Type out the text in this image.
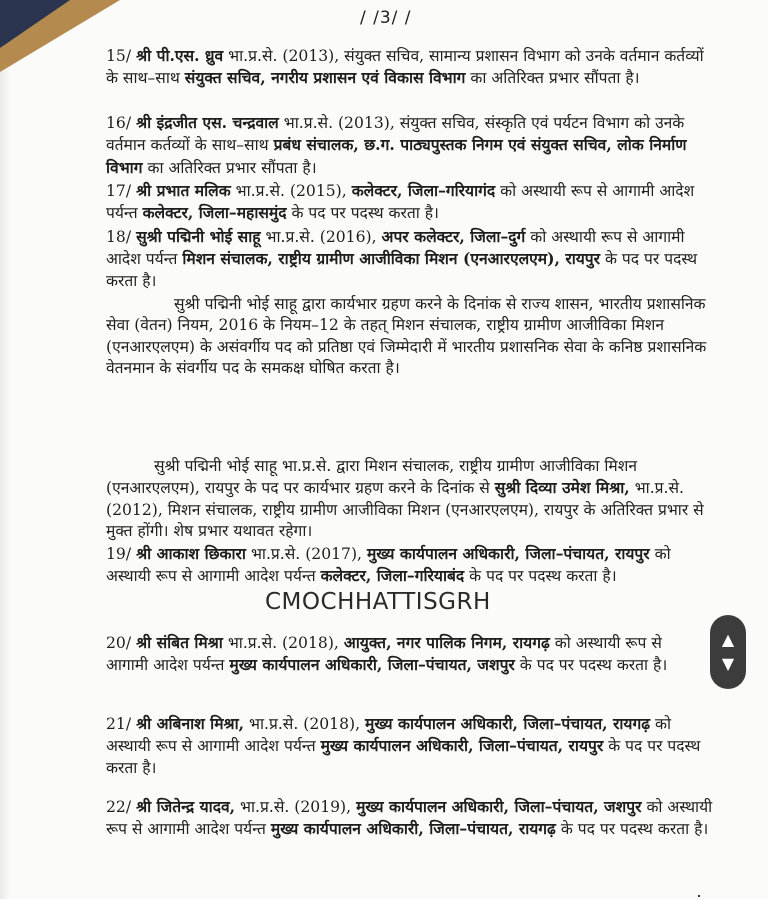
/ /3/ /

15/ श्री पी.एस. ध्रुव भा.प्र.से. (2013), संयुक्त सचिव, सामान्य प्रशासन विभाग को उनके वर्तमान कर्तव्यों के साथ–साथ संयुक्त सचिव, नगरीय प्रशासन एवं विकास विभाग का अतिरिक्त प्रभार सौंपता है।

16/ श्री इंद्रजीत एस. चन्द्रवाल भा.प्र.से. (2013), संयुक्त सचिव, संस्कृति एवं पर्यटन विभाग को उनके वर्तमान कर्तव्यों के साथ–साथ प्रबंध संचालक, छ.ग. पाठ्यपुस्तक निगम एवं संयुक्त सचिव, लोक निर्माण विभाग का अतिरिक्त प्रभार सौंपता है।

17/ श्री प्रभात मलिक भा.प्र.से. (2015), कलेक्टर, जिला–गरियागंद को अस्थायी रूप से आगामी आदेश पर्यन्त कलेक्टर, जिला–महासमुंद के पद पर पदस्थ करता है।

18/ सुश्री पद्मिनी भोई साहू भा.प्र.से. (2016), अपर कलेक्टर, जिला–दुर्ग को अस्थायी रूप से आगामी आदेश पर्यन्त मिशन संचालक, राष्ट्रीय ग्रामीण आजीविका मिशन (एनआरएलएम), रायपुर के पद पर पदस्थ करता है।

सुश्री पद्मिनी भोई साहू द्वारा कार्यभार ग्रहण करने के दिनांक से राज्य शासन, भारतीय प्रशासनिक सेवा (वेतन) नियम, 2016 के नियम–12 के तहत् मिशन संचालक, राष्ट्रीय ग्रामीण आजीविका मिशन (एनआरएलएम) के असंवर्गीय पद को प्रतिष्ठा एवं जिम्मेदारी में भारतीय प्रशासनिक सेवा के कनिष्ठ प्रशासनिक वेतनमान के संवर्गीय पद के समकक्ष घोषित करता है।

सुश्री पद्मिनी भोई साहू भा.प्र.से. द्वारा मिशन संचालक, राष्ट्रीय ग्रामीण आजीविका मिशन (एनआरएलएम), रायपुर के पद पर कार्यभार ग्रहण करने के दिनांक से सुश्री दिव्या उमेश मिश्रा, भा.प्र.से. (2012), मिशन संचालक, राष्ट्रीय ग्रामीण आजीविका मिशन (एनआरएलएम), रायपुर के अतिरिक्त प्रभार से मुक्त होंगी। शेष प्रभार यथावत रहेगा।

19/ श्री आकाश छिकारा भा.प्र.से. (2017), मुख्य कार्यपालन अधिकारी, जिला–पंचायत, रायपुर को अस्थायी रूप से आगामी आदेश पर्यन्त कलेक्टर, जिला–गरियाबंद के पद पर पदस्थ करता है।

CMOCHHATTISGRH

20/ श्री संबित मिश्रा भा.प्र.से. (2018), आयुक्त, नगर पालिक निगम, रायगढ़ को अस्थायी रूप से आगामी आदेश पर्यन्त मुख्य कार्यपालन अधिकारी, जिला–पंचायत, जशपुर के पद पर पदस्थ करता है।

21/ श्री अबिनाश मिश्रा, भा.प्र.से. (2018), मुख्य कार्यपालन अधिकारी, जिला–पंचायत, रायगढ़ को अस्थायी रूप से आगामी आदेश पर्यन्त मुख्य कार्यपालन अधिकारी, जिला–पंचायत, रायपुर के पद पर पदस्थ करता है।

22/ श्री जितेन्द्र यादव, भा.प्र.से. (2019), मुख्य कार्यपालन अधिकारी, जिला–पंचायत, जशपुर को अस्थायी रूप से आगामी आदेश पर्यन्त मुख्य कार्यपालन अधिकारी, जिला–पंचायत, रायगढ़ के पद पर पदस्थ करता है।

▲
▼
